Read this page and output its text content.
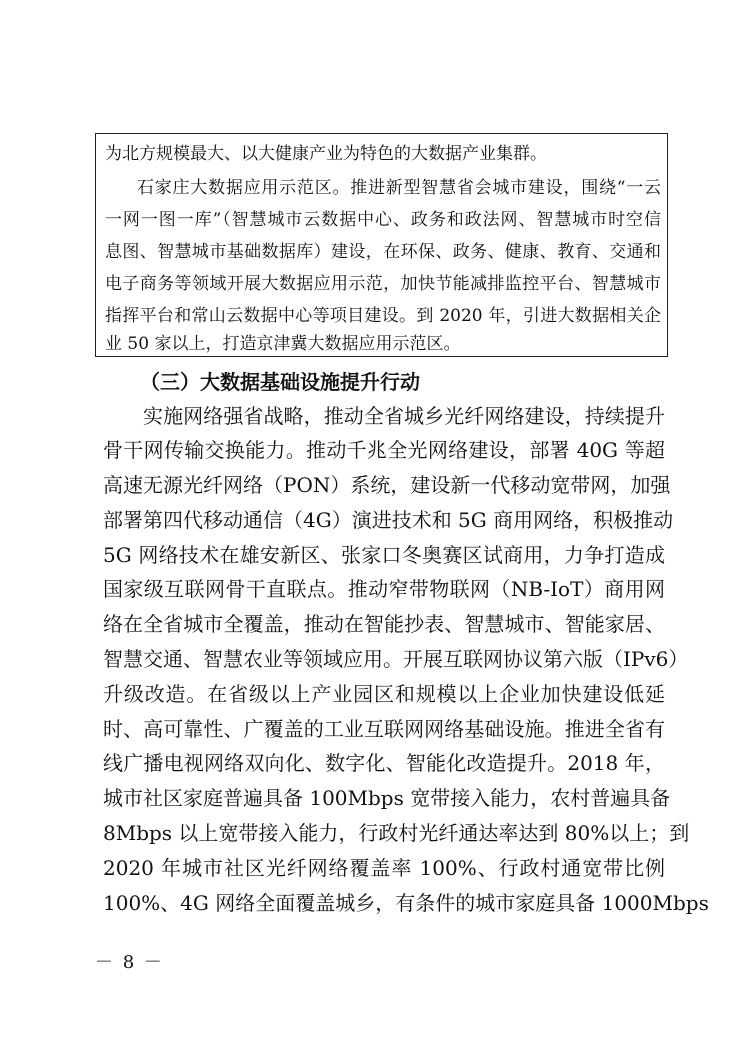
为北方规模最大、以大健康产业为特色的大数据产业集群。
石家庄大数据应用示范区。推进新型智慧省会城市建设，围绕“一云
一网一图一库”（智慧城市云数据中心、政务和政法网、智慧城市时空信
息图、智慧城市基础数据库）建设，在环保、政务、健康、教育、交通和
电子商务等领域开展大数据应用示范，加快节能减排监控平台、智慧城市
指挥平台和常山云数据中心等项目建设。到 2020 年，引进大数据相关企
业 50 家以上，打造京津冀大数据应用示范区。
（三）大数据基础设施提升行动
实施网络强省战略，推动全省城乡光纤网络建设，持续提升
骨干网传输交换能力。推动千兆全光网络建设，部署 40G 等超
高速无源光纤网络（PON）系统，建设新一代移动宽带网，加强
部署第四代移动通信（4G）演进技术和 5G 商用网络，积极推动
5G 网络技术在雄安新区、张家口冬奥赛区试商用，力争打造成
国家级互联网骨干直联点。推动窄带物联网（NB-IoT）商用网
络在全省城市全覆盖，推动在智能抄表、智慧城市、智能家居、
智慧交通、智慧农业等领域应用。开展互联网协议第六版（IPv6）
升级改造。在省级以上产业园区和规模以上企业加快建设低延
时、高可靠性、广覆盖的工业互联网网络基础设施。推进全省有
线广播电视网络双向化、数字化、智能化改造提升。2018 年，
城市社区家庭普遍具备 100Mbps 宽带接入能力，农村普遍具备
8Mbps 以上宽带接入能力，行政村光纤通达率达到 80%以上；到
2020 年城市社区光纤网络覆盖率 100%、行政村通宽带比例
100%、4G 网络全面覆盖城乡，有条件的城市家庭具备 1000Mbps
－ 8 －
